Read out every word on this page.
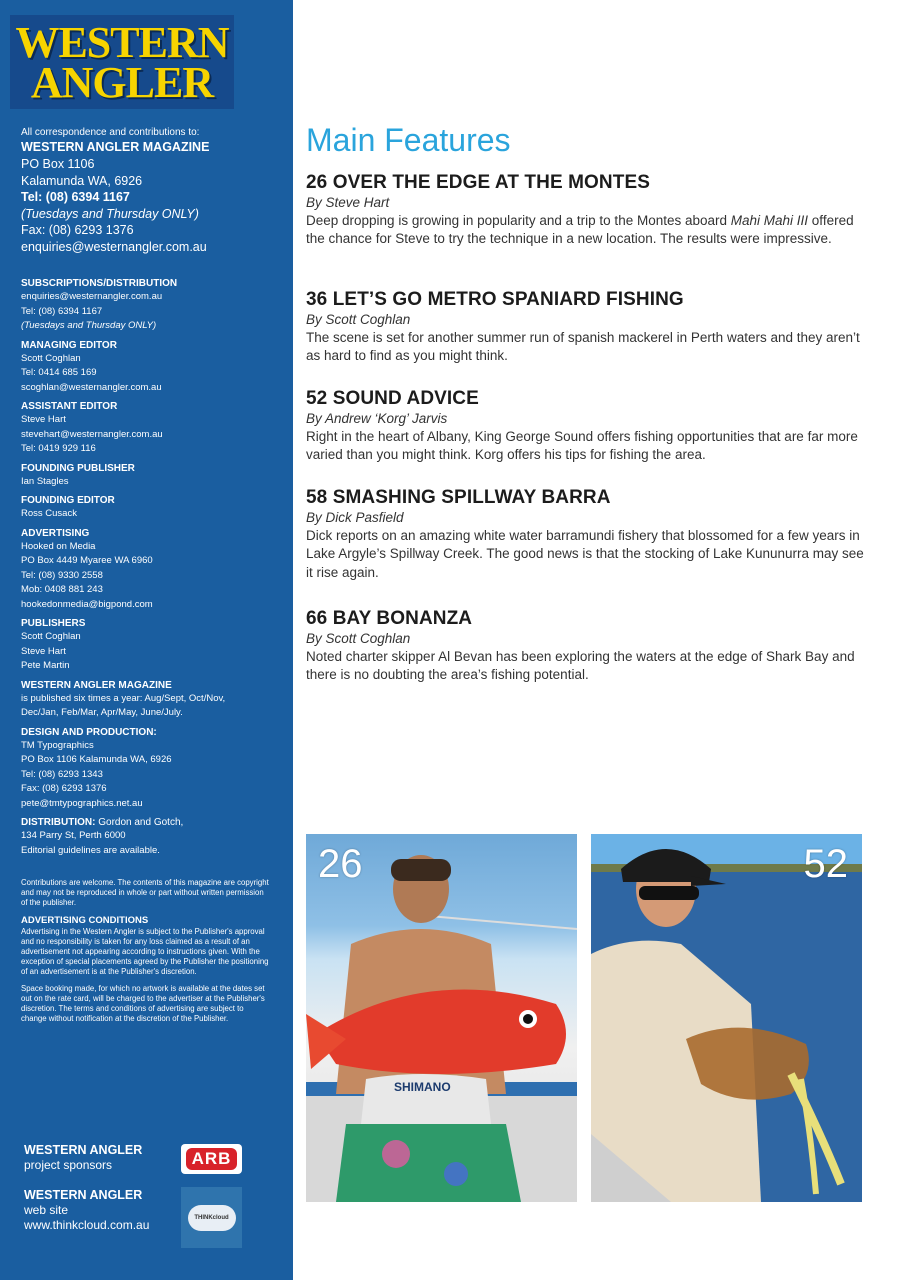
WESTERN
ANGLER
All correspondence and contributions to:
WESTERN ANGLER MAGAZINE
PO Box 1106
Kalamunda WA, 6926
Tel: (08) 6394 1167
(Tuesdays and Thursday ONLY)
Fax: (08) 6293 1376
enquiries@westernangler.com.au
SUBSCRIPTIONS/DISTRIBUTION
enquiries@westernangler.com.au
Tel: (08) 6394 1167
(Tuesdays and Thursday ONLY)
MANAGING EDITOR
Scott Coghlan
Tel: 0414 685 169
scoghlan@westernangler.com.au
ASSISTANT EDITOR
Steve Hart
stevehart@westernangler.com.au
Tel: 0419 929 116
FOUNDING PUBLISHER
Ian Stagles
FOUNDING EDITOR
Ross Cusack
ADVERTISING
Hooked on Media
PO Box 4449 Myaree WA 6960
Tel: (08) 9330 2558
Mob: 0408 881 243
hookedonmedia@bigpond.com
PUBLISHERS
Scott Coghlan
Steve Hart
Pete Martin
WESTERN ANGLER MAGAZINE
is published six times a year: Aug/Sept, Oct/Nov,
Dec/Jan, Feb/Mar, Apr/May, June/July.
DESIGN AND PRODUCTION:
TM Typographics
PO Box 1106 Kalamunda WA, 6926
Tel: (08) 6293 1343
Fax: (08) 6293 1376
pete@tmtypographics.net.au
DISTRIBUTION: Gordon and Gotch,
134 Parry St, Perth 6000
Editorial guidelines are available.

Contributions are welcome. The contents of this magazine are copyright and may not be reproduced in whole or part without written permission of the publisher.

ADVERTISING CONDITIONS

Advertising in the Western Angler is subject to the Publisher's approval and no responsibility is taken for any loss claimed as a result of an advertisement not appearing according to instructions given. With the exception of special placements agreed by the Publisher the positioning of an advertisement is at the Publisher's discretion.

Space booking made, for which no artwork is available at the dates set out on the rate card, will be charged to the advertiser at the Publisher's discretion. The terms and conditions of advertising are subject to change without notification at the discretion of the Publisher.

WESTERN ANGLER
project sponsors	ARB
WESTERN ANGLER
web site
www.thinkcloud.com.au
THINKcloud
Main Features
26 OVER THE EDGE AT THE MONTES
By Steve Hart
Deep dropping is growing in popularity and a trip to the Montes aboard Mahi Mahi III offered the chance for Steve to try the technique in a new location. The results were impressive.
36 LET’S GO METRO SPANIARD FISHING
By Scott Coghlan
The scene is set for another summer run of spanish mackerel in Perth waters and they aren’t as hard to find as you might think.
52 SOUND ADVICE
By Andrew ‘Korg’ Jarvis
Right in the heart of Albany, King George Sound offers fishing opportunities that are far more varied than you might think. Korg offers his tips for fishing the area.
58 SMASHING SPILLWAY BARRA
By Dick Pasfield
Dick reports on an amazing white water barramundi fishery that blossomed for a few years in Lake Argyle’s Spillway Creek. The good news is that the stocking of Lake Kununurra may see it rise again.
66 BAY BONANZA
By Scott Coghlan
Noted charter skipper Al Bevan has been exploring the waters at the edge of Shark Bay and there is no doubting the area’s fishing potential.
SHIMANO
26	52
